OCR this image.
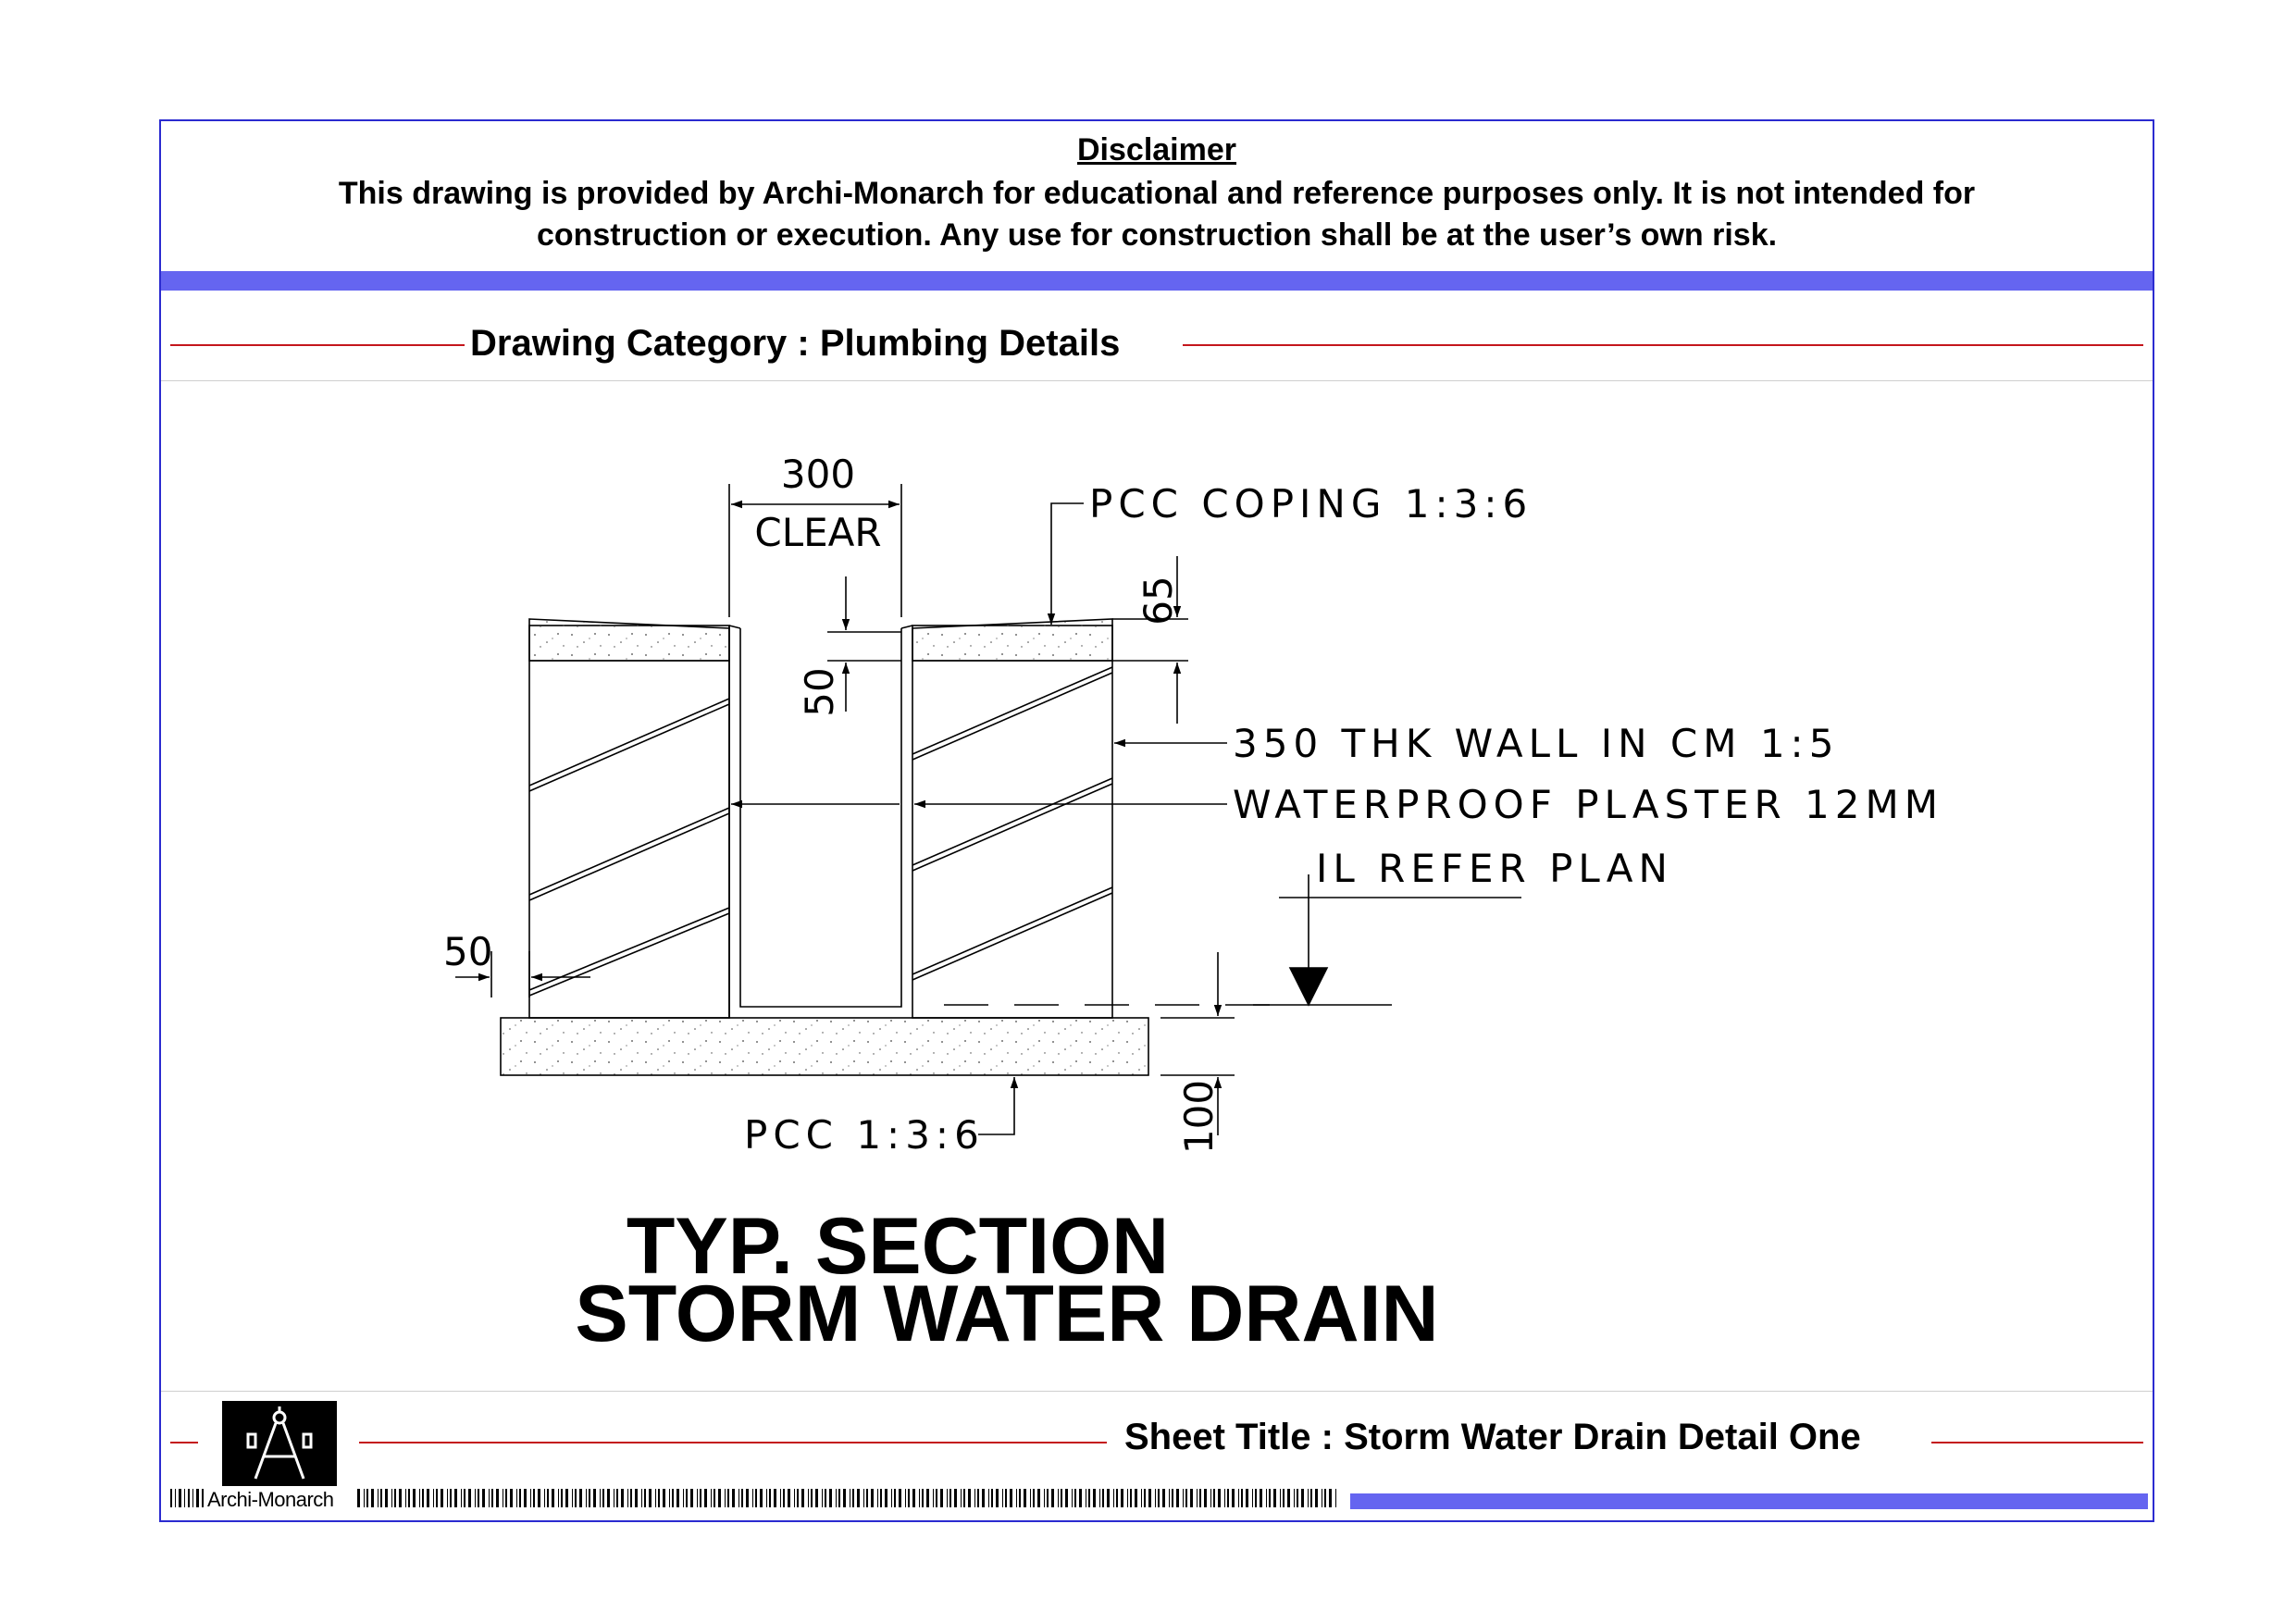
Disclaimer
This drawing is provided by Archi-Monarch for educational and reference purposes only. It is not intended for
construction or execution. Any use for construction shall be at the user’s own risk.
Drawing Category : Plumbing Details
300
CLEAR
PCC COPING 1:3:6
65
50
350 THK WALL IN CM 1:5
WATERPROOF PLASTER 12MM
IL REFER PLAN
50
PCC 1:3:6	100
TYP. SECTION
STORM WATER DRAIN
Sheet Title : Storm Water Drain Detail One
Archi-Monarch
